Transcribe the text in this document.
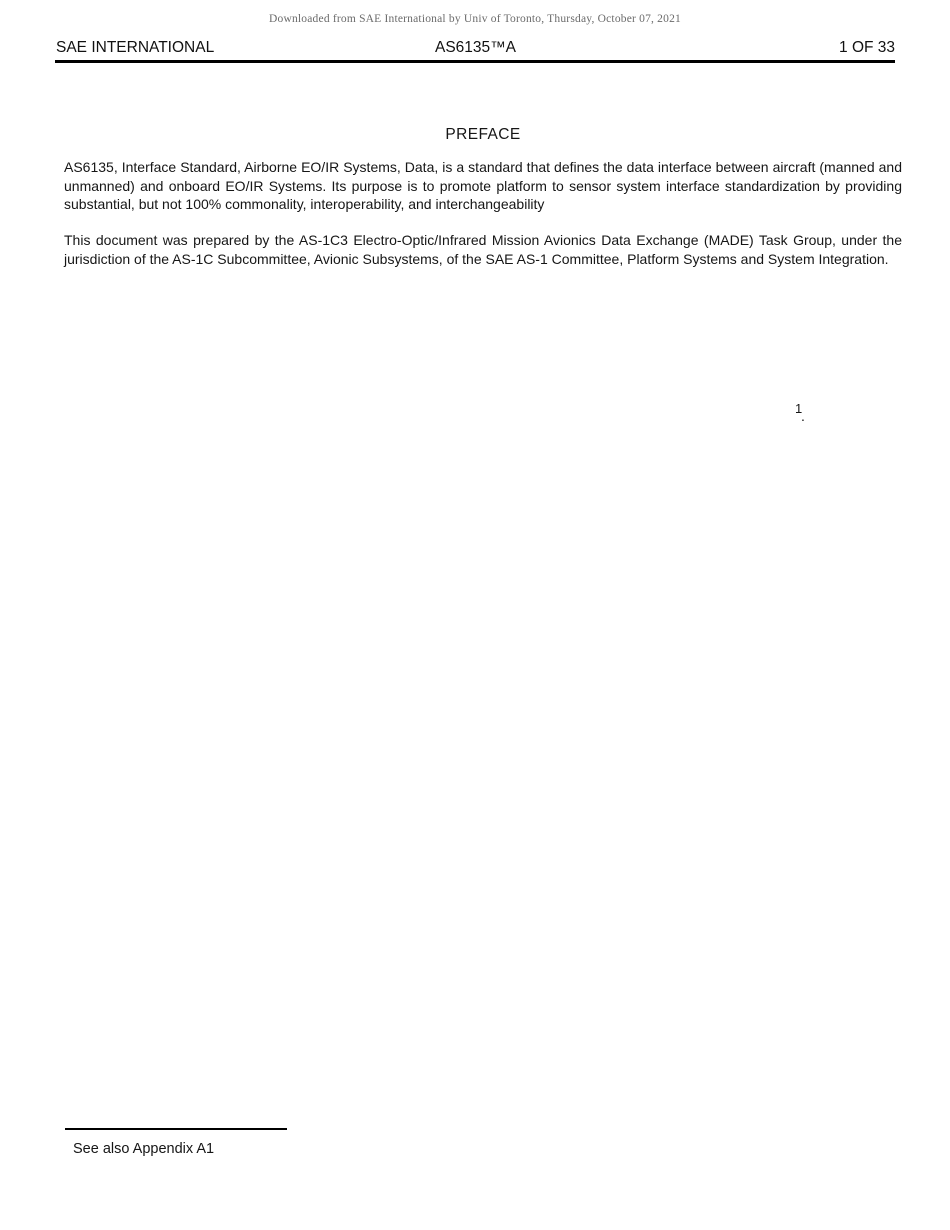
Downloaded from SAE International by Univ of Toronto, Thursday, October 07, 2021
SAE INTERNATIONAL	AS6135™A	1 OF 33
PREFACE

AS6135, Interface Standard, Airborne EO/IR Systems, Data, is a standard that defines the data interface between aircraft (manned and unmanned) and onboard EO/IR Systems. Its purpose is to promote platform to sensor system interface standardization by providing substantial, but not 100% commonality, interoperability, and interchangeability

This document was prepared by the AS-1C3 Electro-Optic/Infrared Mission Avionics Data Exchange (MADE) Task Group, under the jurisdiction of the AS-1C Subcommittee, Avionic Subsystems, of the SAE AS-1 Committee, Platform Systems and System Integration.

1
.
See also Appendix A1
